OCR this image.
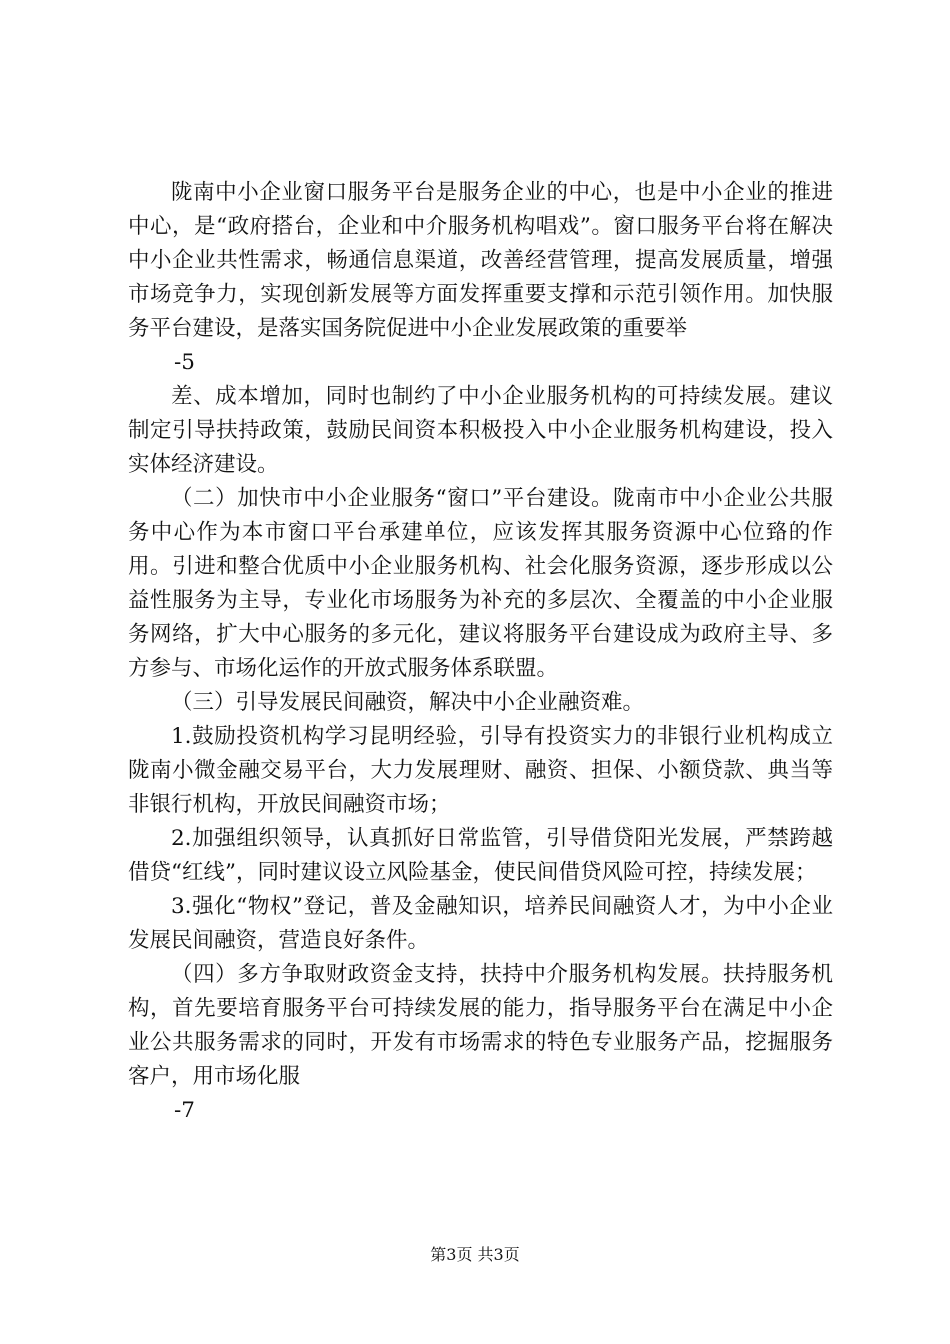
陇南中小企业窗口服务平台是服务企业的中心，也是中小企业的推进中心，是“政府搭台，企业和中介服务机构唱戏”。窗口服务平台将在解决中小企业共性需求，畅通信息渠道，改善经营管理，提高发展质量，增强市场竞争力，实现创新发展等方面发挥重要支撑和示范引领作用。加快服务平台建设，是落实国务院促进中小企业发展政策的重要举

-5

差、成本增加，同时也制约了中小企业服务机构的可持续发展。建议制定引导扶持政策，鼓励民间资本积极投入中小企业服务机构建设，投入实体经济建设。

（二）加快市中小企业服务“窗口”平台建设。陇南市中小企业公共服务中心作为本市窗口平台承建单位，应该发挥其服务资源中心位臵的作用。引进和整合优质中小企业服务机构、社会化服务资源，逐步形成以公益性服务为主导，专业化市场服务为补充的多层次、全覆盖的中小企业服务网络，扩大中心服务的多元化，建议将服务平台建设成为政府主导、多方参与、市场化运作的开放式服务体系联盟。

（三）引导发展民间融资，解决中小企业融资难。

1.鼓励投资机构学习昆明经验，引导有投资实力的非银行业机构成立陇南小微金融交易平台，大力发展理财、融资、担保、小额贷款、典当等非银行机构，开放民间融资市场；

2.加强组织领导，认真抓好日常监管，引导借贷阳光发展，严禁跨越借贷“红线”，同时建议设立风险基金，使民间借贷风险可控，持续发展；

3.强化“物权”登记，普及金融知识，培养民间融资人才，为中小企业发展民间融资，营造良好条件。

（四）多方争取财政资金支持，扶持中介服务机构发展。扶持服务机构，首先要培育服务平台可持续发展的能力，指导服务平台在满足中小企业公共服务需求的同时，开发有市场需求的特色专业服务产品，挖掘服务客户，用市场化服

-7

第3页 共3页
